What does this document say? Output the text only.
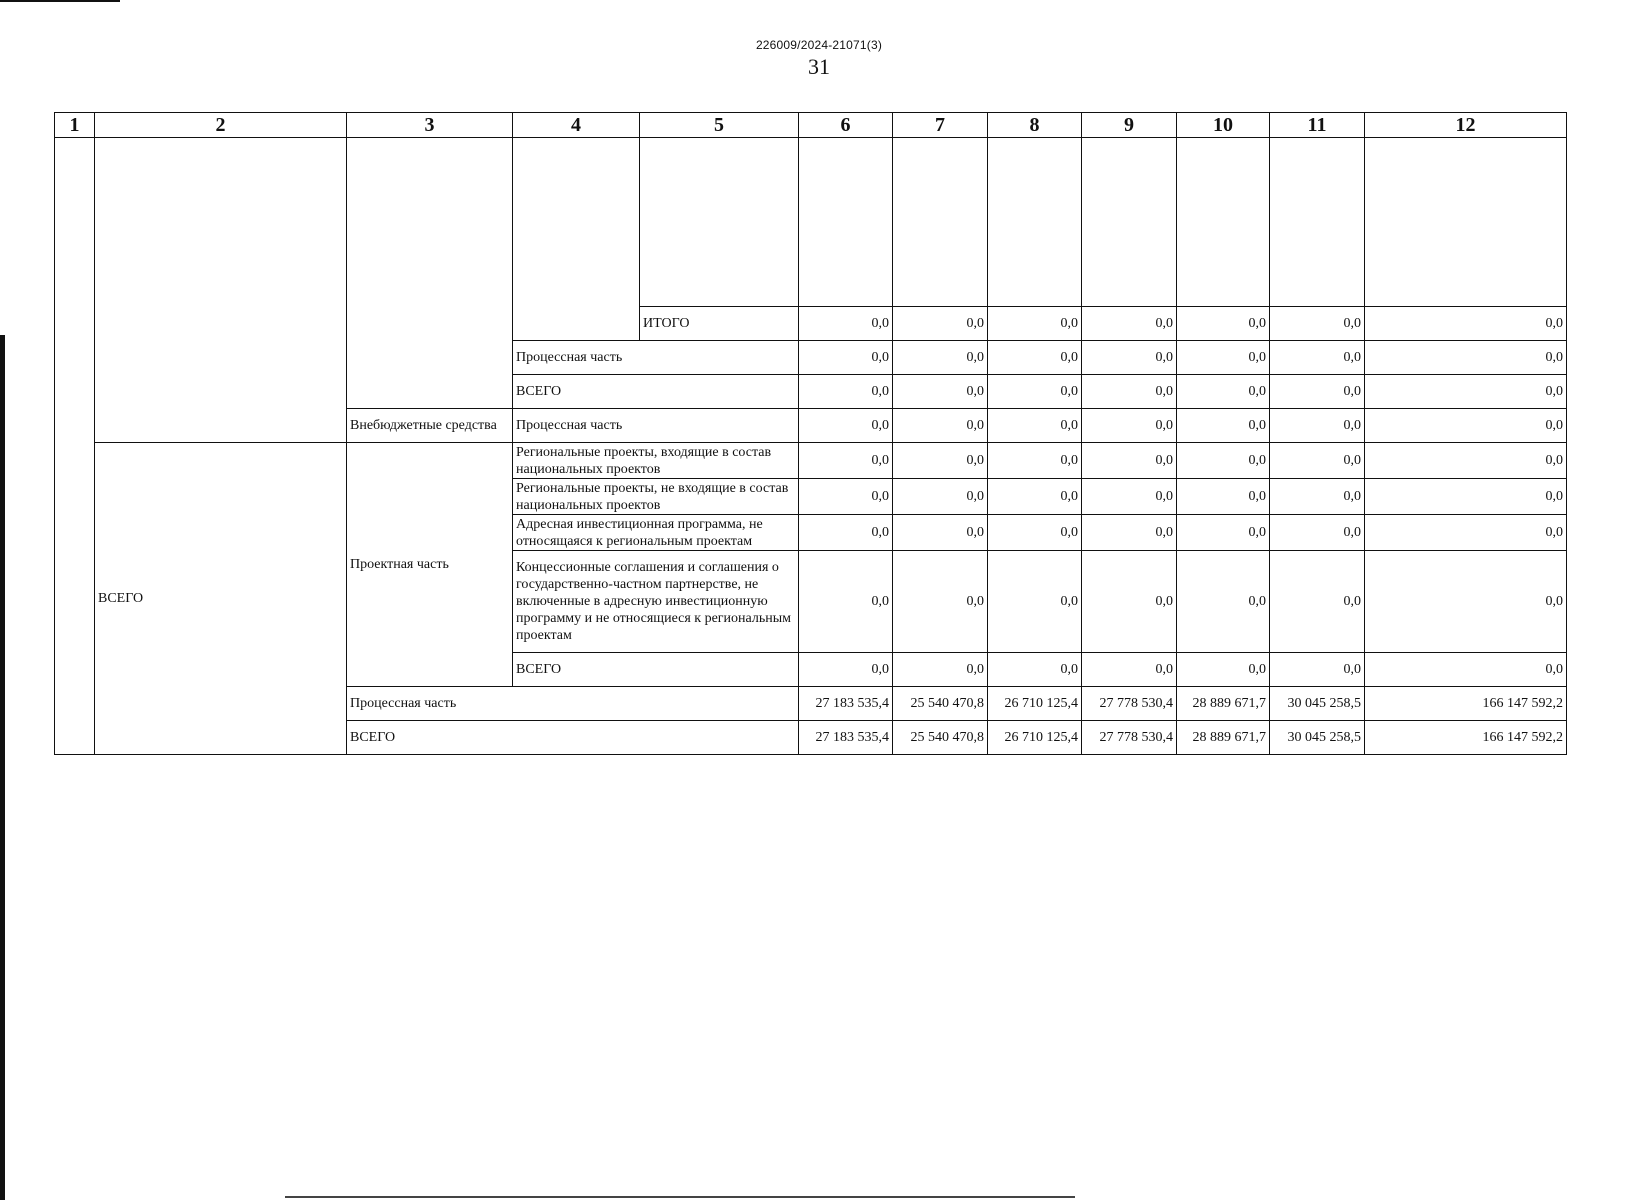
226009/2024-21071(3)
31
1	2	3	4	5	6	7	8	9	10	11	12

				ИТОГО	0,0	0,0	0,0	0,0	0,0	0,0	0,0
			Процессная часть		0,0	0,0	0,0	0,0	0,0	0,0	0,0
			ВСЕГО		0,0	0,0	0,0	0,0	0,0	0,0	0,0
		Внебюджетные средства	Процессная часть		0,0	0,0	0,0	0,0	0,0	0,0	0,0
	ВСЕГО	Проектная часть	Региональные проекты, входящие в состав национальных проектов		0,0	0,0	0,0	0,0	0,0	0,0	0,0
			Региональные проекты, не входящие в состав национальных проектов		0,0	0,0	0,0	0,0	0,0	0,0	0,0
			Адресная инвестиционная программа, не относящаяся к региональным проектам		0,0	0,0	0,0	0,0	0,0	0,0	0,0
			Концессионные соглашения и соглашения о государственно-частном партнерстве, не включенные в адресную инвестиционную программу и не относящиеся к региональным проектам		0,0	0,0	0,0	0,0	0,0	0,0	0,0
			ВСЕГО		0,0	0,0	0,0	0,0	0,0	0,0	0,0
		Процессная часть			27 183 535,4	25 540 470,8	26 710 125,4	27 778 530,4	28 889 671,7	30 045 258,5	166 147 592,2
		ВСЕГО			27 183 535,4	25 540 470,8	26 710 125,4	27 778 530,4	28 889 671,7	30 045 258,5	166 147 592,2
